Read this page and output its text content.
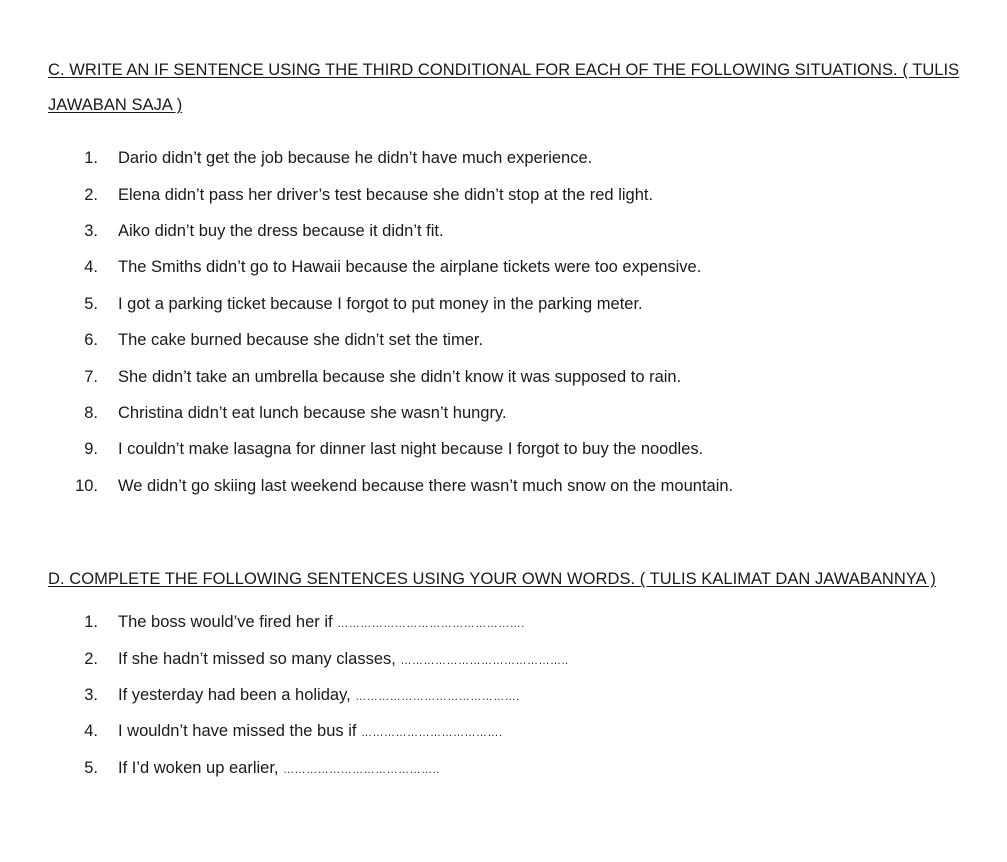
C. WRITE AN IF SENTENCE USING THE THIRD CONDITIONAL FOR EACH OF THE FOLLOWING SITUATIONS. ( TULIS
JAWABAN SAJA )
1. Dario didn’t get the job because he didn’t have much experience.
2. Elena didn’t pass her driver’s test because she didn’t stop at the red light.
3. Aiko didn’t buy the dress because it didn’t fit.
4. The Smiths didn’t go to Hawaii because the airplane tickets were too expensive.
5. I got a parking ticket because I forgot to put money in the parking meter.
6. The cake burned because she didn’t set the timer.
7. She didn’t take an umbrella because she didn’t know it was supposed to rain.
8. Christina didn’t eat lunch because she wasn’t hungry.
9. I couldn’t make lasagna for dinner last night because I forgot to buy the noodles.
10. We didn’t go skiing last weekend because there wasn’t much snow on the mountain.
D. COMPLETE THE FOLLOWING SENTENCES USING YOUR OWN WORDS. ( TULIS KALIMAT DAN JAWABANNYA )
1. The boss would’ve fired her if ………………………………………….
2. If she hadn’t missed so many classes, ……………………………………..
3. If yesterday had been a holiday, …………………………………….
4. I wouldn’t have missed the bus if ……………………………….
5. If I’d woken up earlier, …………………………………..
